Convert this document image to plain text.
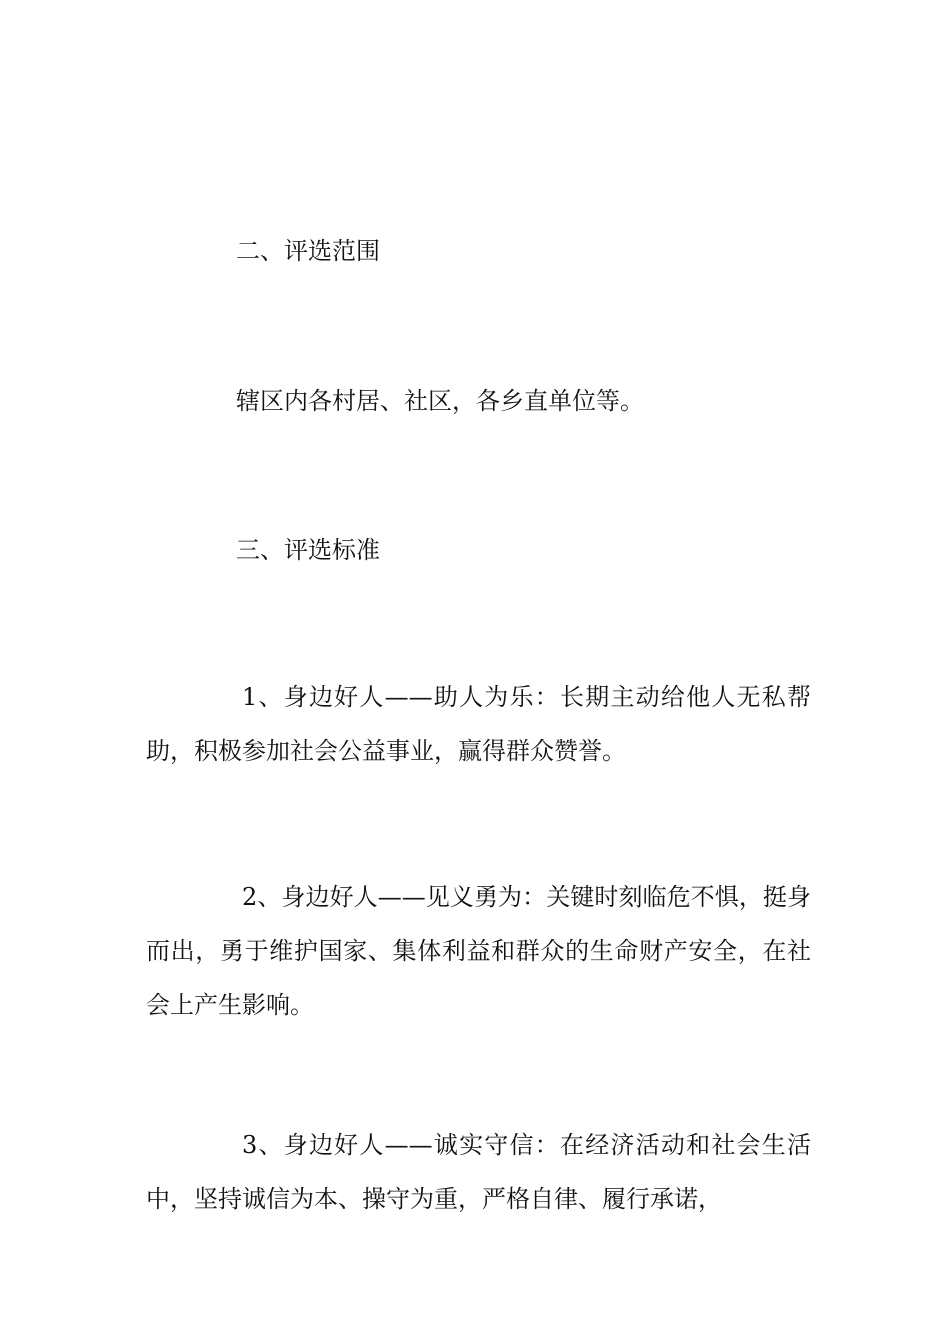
二、评选范围
辖区内各村居、社区，各乡直单位等。
三、评选标准

1、身边好人——助人为乐：长期主动给他人无私帮助，积极参加社会公益事业，赢得群众赞誉。

2、身边好人——见义勇为：关键时刻临危不惧，挺身而出，勇于维护国家、集体利益和群众的生命财产安全，在社会上产生影响。

3、身边好人——诚实守信：在经济活动和社会生活中，坚持诚信为本、操守为重，严格自律、履行承诺，
